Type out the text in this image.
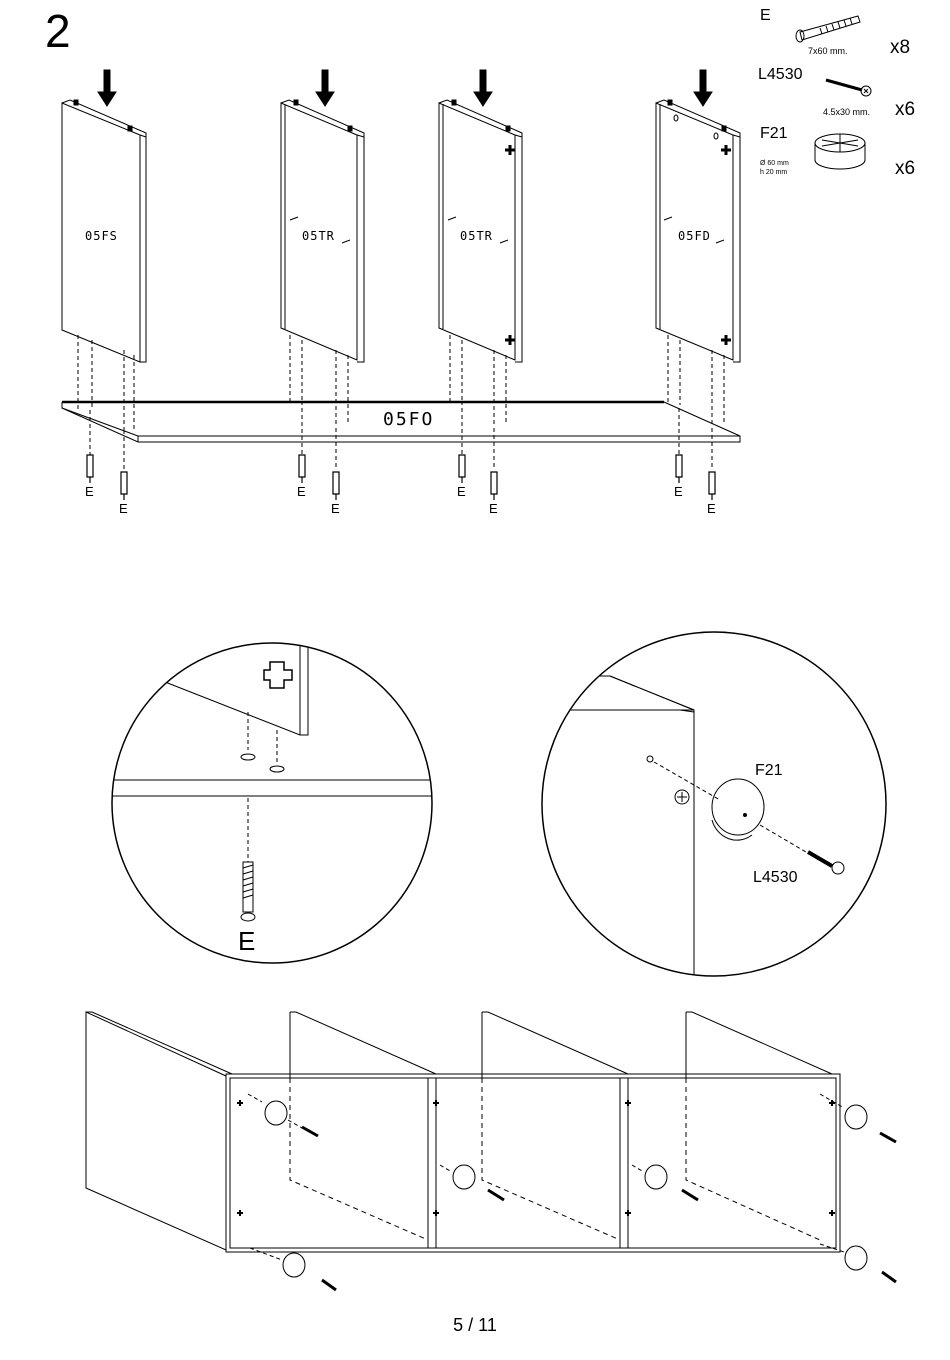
2	E
7x60 mm. x8
L4530
4.5x30 mm. x6
F21
Ø 60 mm
h 20 mm	x6
05FS	05TR	05TR	05FD
05FO
E
E
E
E
E
E
E
E
E
F21
L4530
5 / 11
